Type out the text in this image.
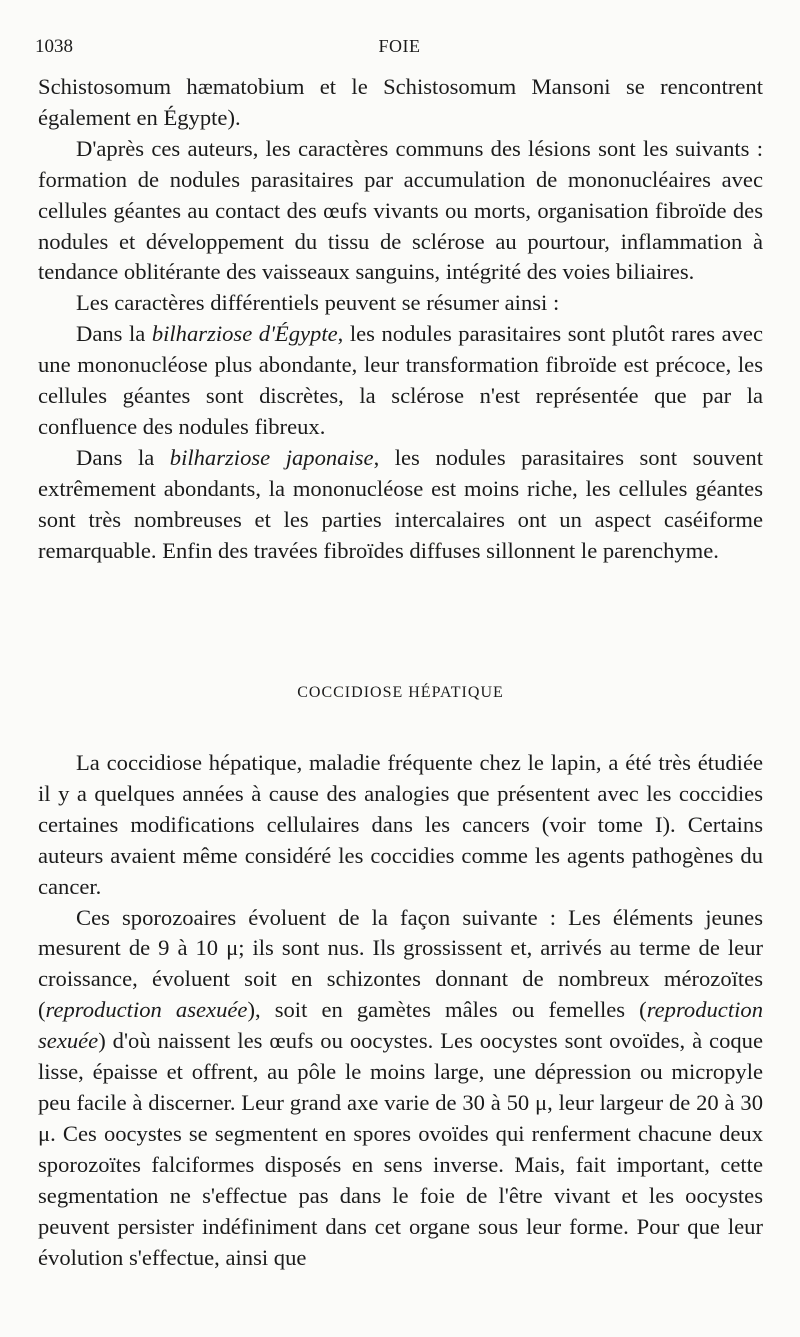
1038	FOIE

Schistosomum hæmatobium et le Schistosomum Mansoni se rencontrent également en Égypte).

D'après ces auteurs, les caractères communs des lésions sont les suivants : formation de nodules parasitaires par accumulation de mononucléaires avec cellules géantes au contact des œufs vivants ou morts, organisation fibroïde des nodules et développement du tissu de sclérose au pourtour, inflammation à tendance oblitérante des vaisseaux sanguins, intégrité des voies biliaires.

Les caractères différentiels peuvent se résumer ainsi :

Dans la bilharziose d'Égypte, les nodules parasitaires sont plutôt rares avec une mononucléose plus abondante, leur transformation fibroïde est précoce, les cellules géantes sont discrètes, la sclérose n'est représentée que par la confluence des nodules fibreux.

Dans la bilharziose japonaise, les nodules parasitaires sont souvent extrêmement abondants, la mononucléose est moins riche, les cellules géantes sont très nombreuses et les parties intercalaires ont un aspect caséiforme remarquable. Enfin des travées fibroïdes diffuses sillonnent le parenchyme.

COCCIDIOSE HÉPATIQUE

La coccidiose hépatique, maladie fréquente chez le lapin, a été très étudiée il y a quelques années à cause des analogies que présentent avec les coccidies certaines modifications cellulaires dans les cancers (voir tome I). Certains auteurs avaient même considéré les coccidies comme les agents pathogènes du cancer.

Ces sporozoaires évoluent de la façon suivante : Les éléments jeunes mesurent de 9 à 10 μ; ils sont nus. Ils grossissent et, arrivés au terme de leur croissance, évoluent soit en schizontes donnant de nombreux mérozoïtes (reproduction asexuée), soit en gamètes mâles ou femelles (reproduction sexuée) d'où naissent les œufs ou oocystes. Les oocystes sont ovoïdes, à coque lisse, épaisse et offrent, au pôle le moins large, une dépression ou micropyle peu facile à discerner. Leur grand axe varie de 30 à 50 μ, leur largeur de 20 à 30 μ. Ces oocystes se segmentent en spores ovoïdes qui renferment chacune deux sporozoïtes falciformes disposés en sens inverse. Mais, fait important, cette segmentation ne s'effectue pas dans le foie de l'être vivant et les oocystes peuvent persister indéfiniment dans cet organe sous leur forme. Pour que leur évolution s'effectue, ainsi que
